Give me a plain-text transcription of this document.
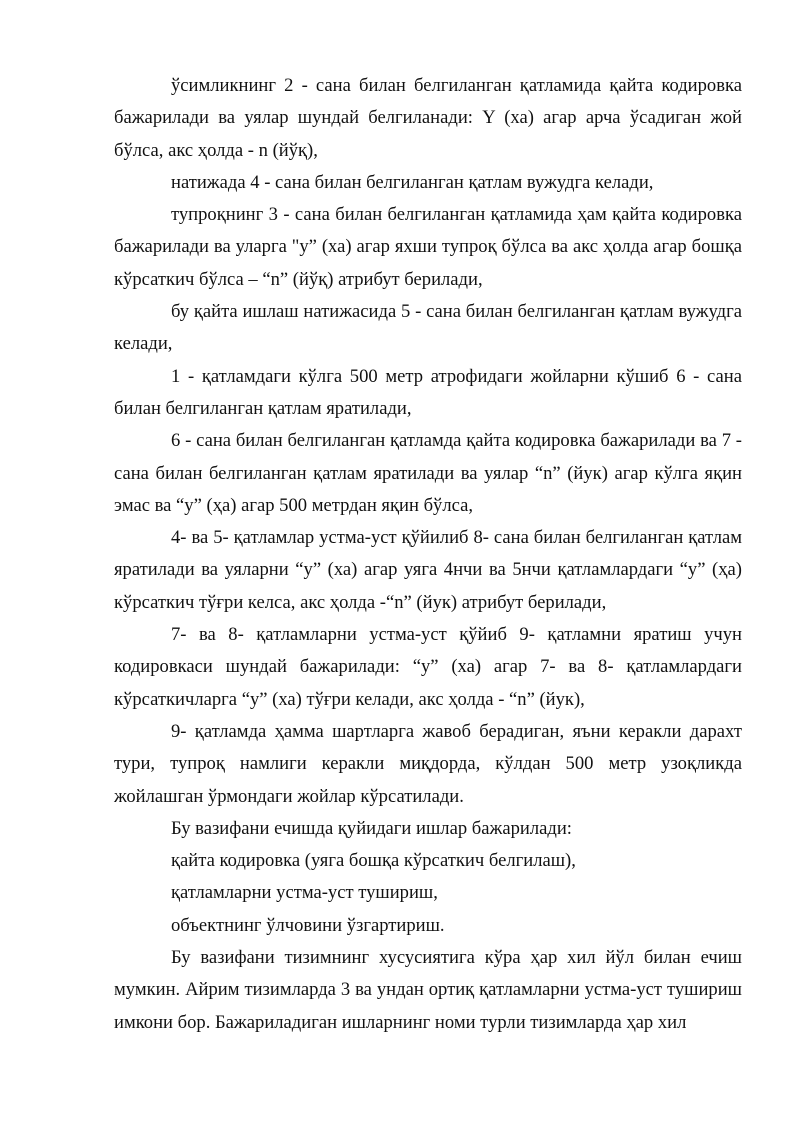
ўсимликнинг 2 - сана билан белгиланган қатламида қайта кодировка бажарилади ва уялар шундай белгиланади: Y (ха) агар арча ўсадиган жой бўлса, акс ҳолда - n (йўқ),

натижада 4 - сана билан белгиланган қатлам вужудга келади,

тупроқнинг 3 - сана билан белгиланган қатламида ҳам қайта кодировка бажарилади ва уларга "у” (ха) агар яхши тупроқ бўлса ва акс ҳолда агар бошқа кўрсаткич бўлса – “n” (йўқ) атрибут берилади,

бу қайта ишлаш натижасида 5 - сана билан белгиланган қатлам вужудга келади,

1 - қатламдаги кўлга 500 метр атрофидаги жойларни кўшиб 6 - сана билан белгиланган қатлам яратилади,

6 - сана билан белгиланган қатламда қайта кодировка бажарилади ва 7 - сана билан белгиланган қатлам яратилади ва уялар “n” (йук) агар кўлга яқин эмас ва “у” (ҳа) агар 500 метрдан яқин бўлса,

4- ва 5- қатламлар устма-уст қўйилиб 8- сана билан белгиланган қатлам яратилади ва уяларни “у” (ха) агар уяга 4нчи ва 5нчи қатламлардаги “у” (ҳа) кўрсаткич тўғри келса, акс ҳолда -“n” (йук) атрибут берилади,

7- ва 8- қатламларни устма-уст қўйиб 9- қатламни яратиш учун кодировкаси шундай бажарилади: “у” (ха) агар 7- ва 8- қатламлардаги кўрсаткичларга “у” (ха) тўғри келади, акс ҳолда - “n” (йук),

9- қатламда ҳамма шартларга жавоб берадиган, яъни керакли дарахт тури, тупроқ намлиги керакли миқдорда, кўлдан 500 метр узоқликда жойлашган ўрмондаги жойлар кўрсатилади.

Бу вазифани ечишда қуйидаги ишлар бажарилади:

қайта кодировка (уяга бошқа кўрсаткич белгилаш),

қатламларни устма-уст тушириш,

объектнинг ўлчовини ўзгартириш.

Бу вазифани тизимнинг хусусиятига кўра ҳар хил йўл билан ечиш мумкин. Айрим тизимларда 3 ва ундан ортиқ қатламларни устма-уст тушириш имкони бор. Бажариладиган ишларнинг номи турли тизимларда ҳар хил
